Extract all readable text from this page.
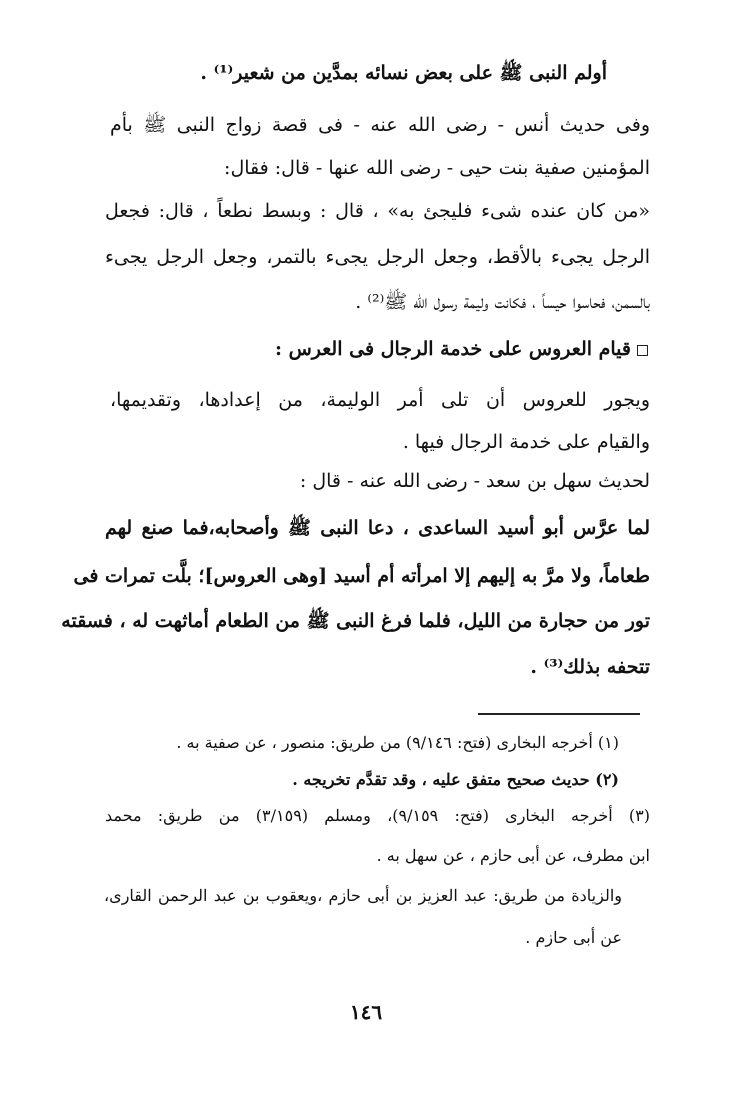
أولم النبى ﷺ على بعض نسائه بمدَّين من شعير⁽¹⁾ .
وفى حديث أنس - رضى الله عنه - فى قصة زواج النبى ﷺ بأم
المؤمنين صفية بنت حيى - رضى الله عنها - قال: فقال:
«من كان عنده شىء فليجئ به» ، قال : وبسط نطعاً ، قال: فجعل
الرجل يجىء بالأقط، وجعل الرجل يجىء بالتمر، وجعل الرجل يجىء
بالسمن، فحاسوا حيساً ، فكانت وليمة رسول الله ﷺ⁽²⁾ .
قيام العروس على خدمة الرجال فى العرس :
ويجور للعروس أن تلى أمر الوليمة، من إعدادها، وتقديمها،
والقيام على خدمة الرجال فيها .
لحديث سهل بن سعد - رضى الله عنه - قال :
لما عرَّس أبو أسيد الساعدى ، دعا النبى ﷺ وأصحابه،فما صنع لهم
طعاماً، ولا مرَّ به إليهم إلا امرأته أم أسيد [وهى العروس]؛ بلَّت تمرات فى
تور من حجارة من الليل، فلما فرغ النبى ﷺ من الطعام أماثهت له ، فسقته
تتحفه بذلك⁽³⁾ .
(١) أخرجه البخارى (فتح: ٩/١٤٦) من طريق: منصور ، عن صفية به .
(٢) حديث صحيح متفق عليه ، وقد تقدَّم تخريجه .
(٣) أخرجه البخارى (فتح: ٩/١٥٩)، ومسلم (٣/١٥٩) من طريق: محمد
ابن مطرف، عن أبى حازم ، عن سهل به .
والزيادة من طريق: عبد العزيز بن أبى حازم ،ويعقوب بن عبد الرحمن القارى،
عن أبى حازم .
١٤٦
